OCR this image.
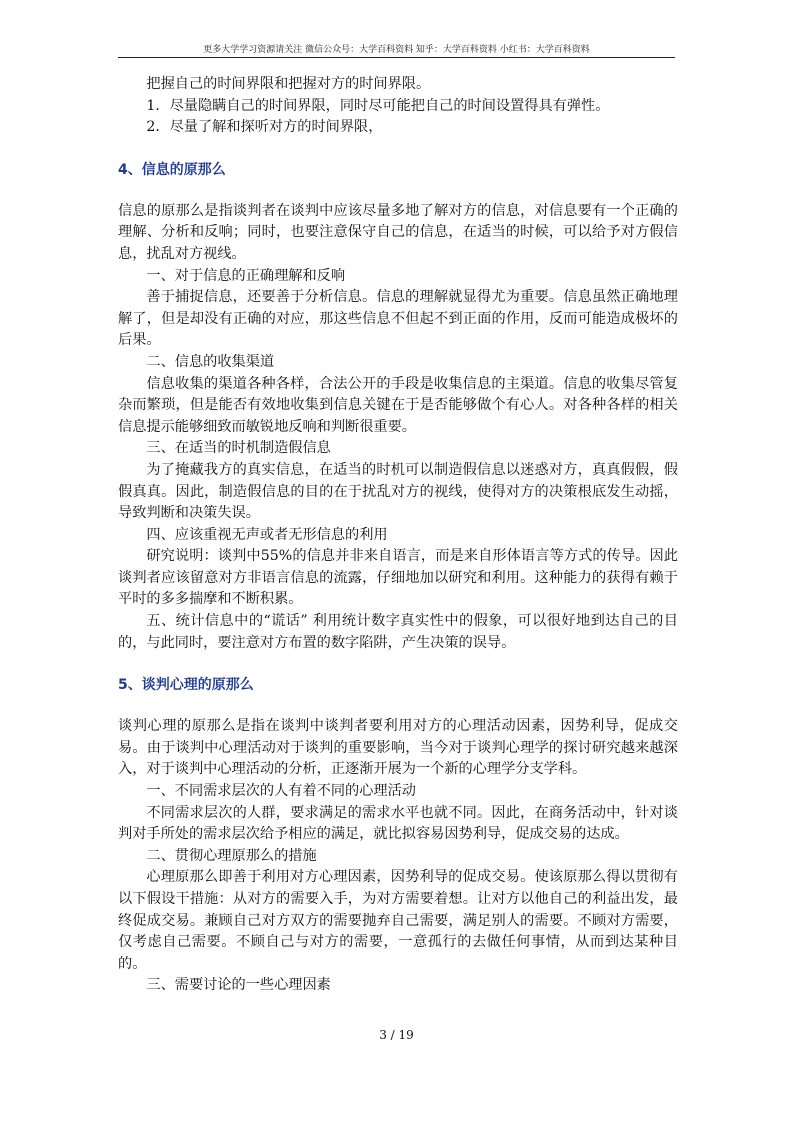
更多大学学习资源请关注 微信公众号：大学百科资料 知乎：大学百科资料 小红书：大学百科资料

把握自己的时间界限和把握对方的时间界限。

1．尽量隐瞒自己的时间界限，同时尽可能把自己的时间设置得具有弹性。

2．尽量了解和探听对方的时间界限，

4、信息的原那么

信息的原那么是指谈判者在谈判中应该尽量多地了解对方的信息，对信息要有一个正确的理解、分析和反响；同时，也要注意保守自己的信息，在适当的时候，可以给予对方假信息，扰乱对方视线。

一、对于信息的正确理解和反响

善于捕捉信息，还要善于分析信息。信息的理解就显得尤为重要。信息虽然正确地理解了，但是却没有正确的对应，那这些信息不但起不到正面的作用，反而可能造成极坏的后果。

二、信息的收集渠道

信息收集的渠道各种各样，合法公开的手段是收集信息的主渠道。信息的收集尽管复杂而繁琐，但是能否有效地收集到信息关键在于是否能够做个有心人。对各种各样的相关信息提示能够细致而敏锐地反响和判断很重要。

三、在适当的时机制造假信息

为了掩藏我方的真实信息，在适当的时机可以制造假信息以迷惑对方，真真假假，假假真真。因此，制造假信息的目的在于扰乱对方的视线，使得对方的决策根底发生动摇，导致判断和决策失误。

四、应该重视无声或者无形信息的利用

研究说明：谈判中55%的信息并非来自语言，而是来自形体语言等方式的传导。因此谈判者应该留意对方非语言信息的流露，仔细地加以研究和利用。这种能力的获得有赖于平时的多多揣摩和不断积累。

五、统计信息中的“谎话” 利用统计数字真实性中的假象，可以很好地到达自己的目的，与此同时，要注意对方布置的数字陷阱，产生决策的误导。

5、谈判心理的原那么

谈判心理的原那么是指在谈判中谈判者要利用对方的心理活动因素，因势利导，促成交易。由于谈判中心理活动对于谈判的重要影响，当今对于谈判心理学的探讨研究越来越深入，对于谈判中心理活动的分析，正逐渐开展为一个新的心理学分支学科。

一、不同需求层次的人有着不同的心理活动

不同需求层次的人群，要求满足的需求水平也就不同。因此，在商务活动中，针对谈判对手所处的需求层次给予相应的满足，就比拟容易因势利导，促成交易的达成。

二、贯彻心理原那么的措施

心理原那么即善于利用对方心理因素，因势利导的促成交易。使该原那么得以贯彻有以下假设干措施：从对方的需要入手，为对方需要着想。让对方以他自己的利益出发，最终促成交易。兼顾自己对方双方的需要抛弃自己需要，满足别人的需要。不顾对方需要，仅考虑自己需要。不顾自己与对方的需要，一意孤行的去做任何事情，从而到达某种目的。

三、需要讨论的一些心理因素

3 / 19
